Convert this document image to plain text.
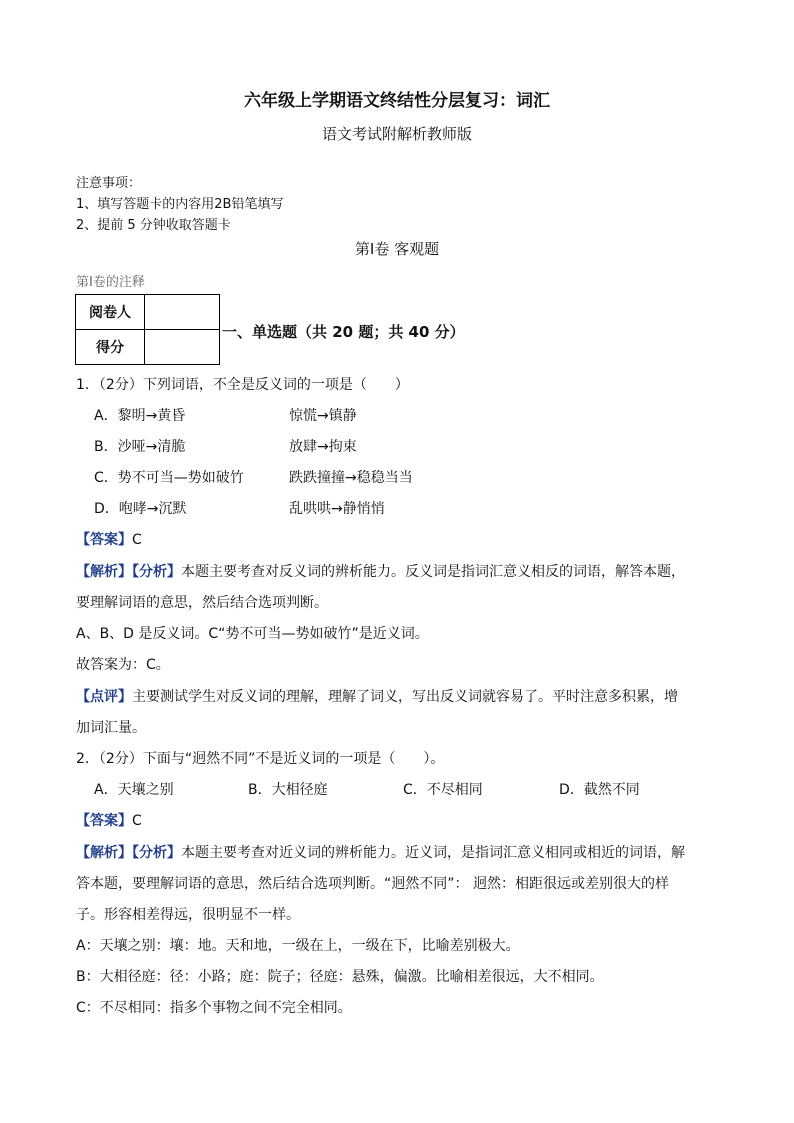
六年级上学期语文终结性分层复习：词汇
语文考试附解析教师版
注意事项：
1、填写答题卡的内容用2B铅笔填写
2、提前 5 分钟收取答题卡
第Ⅰ卷 客观题
第Ⅰ卷的注释
阅卷人	
得分	
一、单选题（共 20 题；共 40 分）
1．（2分）下列词语，不全是反义词的一项是（　　）
A．黎明→黄昏	惊慌→镇静
B．沙哑→清脆	放肆→拘束
C．势不可当—势如破竹	跌跌撞撞→稳稳当当
D．咆哮→沉默	乱哄哄→静悄悄
【答案】C
【解析】【分析】本题主要考查对反义词的辨析能力。反义词是指词汇意义相反的词语，解答本题，
要理解词语的意思，然后结合选项判断。
A、B、D 是反义词。C“势不可当—势如破竹”是近义词。
故答案为：C。
【点评】主要测试学生对反义词的理解，理解了词义，写出反义词就容易了。平时注意多积累，增
加词汇量。
2．（2分）下面与“迥然不同”不是近义词的一项是（　　）。
A．天壤之别	B．大相径庭	C．不尽相同	D．截然不同
【答案】C
【解析】【分析】本题主要考查对近义词的辨析能力。近义词，是指词汇意义相同或相近的词语，解
答本题，要理解词语的意思，然后结合选项判断。“迥然不同”： 迥然：相距很远或差别很大的样
子。形容相差得远，很明显不一样。
A：天壤之别：壤：地。天和地，一级在上，一级在下，比喻差别极大。
B：大相径庭：径：小路；庭：院子；径庭：悬殊，偏激。比喻相差很远，大不相同。
C：不尽相同：指多个事物之间不完全相同。
